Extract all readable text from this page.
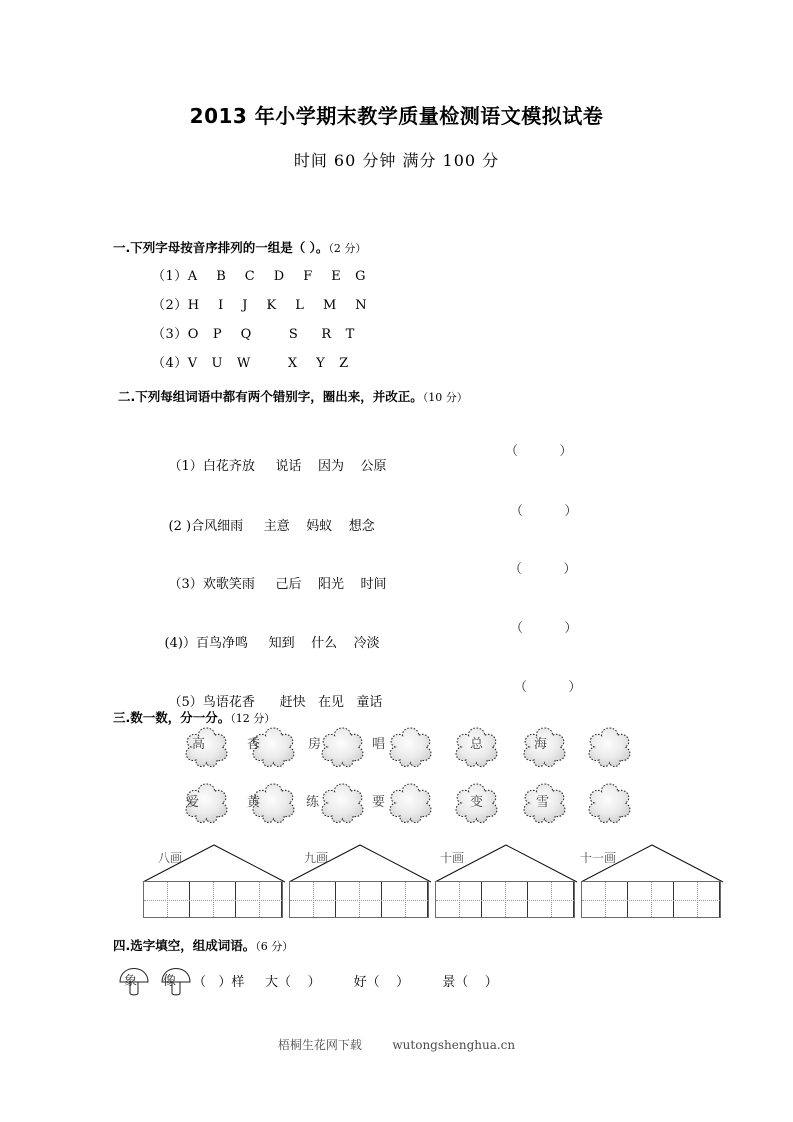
2013 年小学期末教学质量检测语文模拟试卷
时间 60 分钟 满分 100 分
一.下列字母按音序排列的一组是（ ）。（2 分）
（1）A    B    C    D    F    E   G
（2）H    I    J    K    L    M    N
（3）O   P    Q        S     R   T
（4）V   U   W        X    Y   Z
二.下列每组词语中都有两个错别字，圈出来，并改正。（10 分）

（1）白花齐放     说话    因为    公原

（          ）

(2 )合风细雨     主意    妈蚁    想念

（          ）

（3）欢歌笑雨     己后    阳光    时间

（          ）

(4)）百鸟净鸣     知到    什么    冷淡

（          ）

（5）鸟语花香      赶快   在见   童话

（          ）
三.数一数，分一分。（12 分）
高	香	房	唱	总	海
爱	黄	练	要	变	雪
八画	九画	十画	十一画
四.选字填空，组成词语。（6 分）
象 像 （   ）样     大（    ）        好（    ）        景（    ）
梧桐生花网下载        wutongshenghua.cn
